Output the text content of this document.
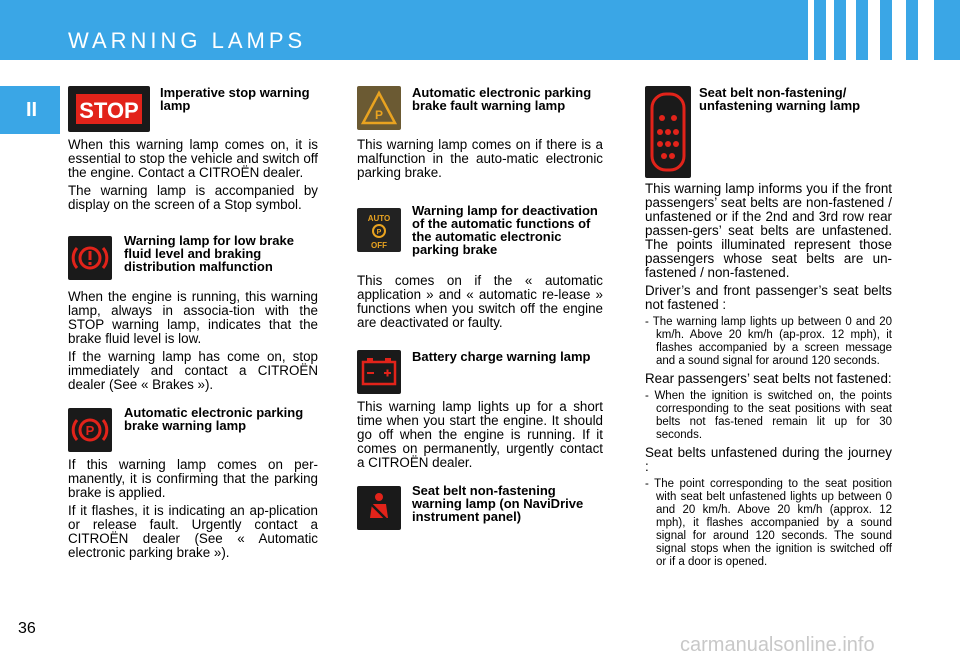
WARNING LAMPS
II
36
carmanualsonline.info
STOP
Imperative stop warning lamp

When this warning lamp comes on, it is essential to stop the vehicle and switch off the engine. Contact a CITROËN dealer.

The warning lamp is accompanied by display on the screen of a Stop symbol.

Warning lamp for low brake fluid level and braking distribution malfunction

When the engine is running, this warning lamp, always in associa-tion with the STOP warning lamp, indicates that the brake fluid level is low.

If the warning lamp has come on, stop immediately and contact a CITROËN dealer (See « Brakes »).

P
Automatic electronic parking brake warning lamp

If this warning lamp comes on per-manently, it is confirming that the parking brake is applied.

If it flashes, it is indicating an ap-plication or release fault. Urgently contact a CITROËN dealer (See « Automatic electronic parking brake »).

P
Automatic electronic parking brake fault warning lamp

This warning lamp comes on if there is a malfunction in the auto-matic electronic parking brake.

AUTO
P
OFF
Warning lamp for deactivation of the automatic functions of the automatic electronic parking brake

This comes on if the « automatic application » and « automatic re-lease » functions when you switch off the engine are deactivated or faulty.

Battery charge warning lamp

This warning lamp lights up for a short time when you start the engine. It should go off when the engine is running. If it comes on permanently, urgently contact a CITROËN dealer.

Seat belt non-fastening warning lamp (on NaviDrive instrument panel)
Seat belt non-fastening/ unfastening warning lamp

This warning lamp informs you if the front passengers’ seat belts are non-fastened / unfastened or if the 2nd and 3rd row rear passen-gers’ seat belts are unfastened. The points illuminated represent those passengers whose seat belts are un-fastened / non-fastened.

Driver’s and front passenger’s seat belts not fastened :

- The warning lamp lights up between 0 and 20 km/h. Above 20 km/h (ap-prox. 12 mph), it flashes accompanied by a screen message and a sound signal for around 120 seconds.

Rear passengers’ seat belts not fastened:

- When the ignition is switched on, the points corresponding to the seat positions with seat belts not fas-tened remain lit up for 30 seconds.

Seat belts unfastened during the journey :

- The point corresponding to the seat position with seat belt unfastened lights up between 0 and 20 km/h. Above 20 km/h (approx. 12 mph), it flashes accompanied by a sound signal for around 120 seconds. The sound signal stops when the ignition is switched off or if a door is opened.
